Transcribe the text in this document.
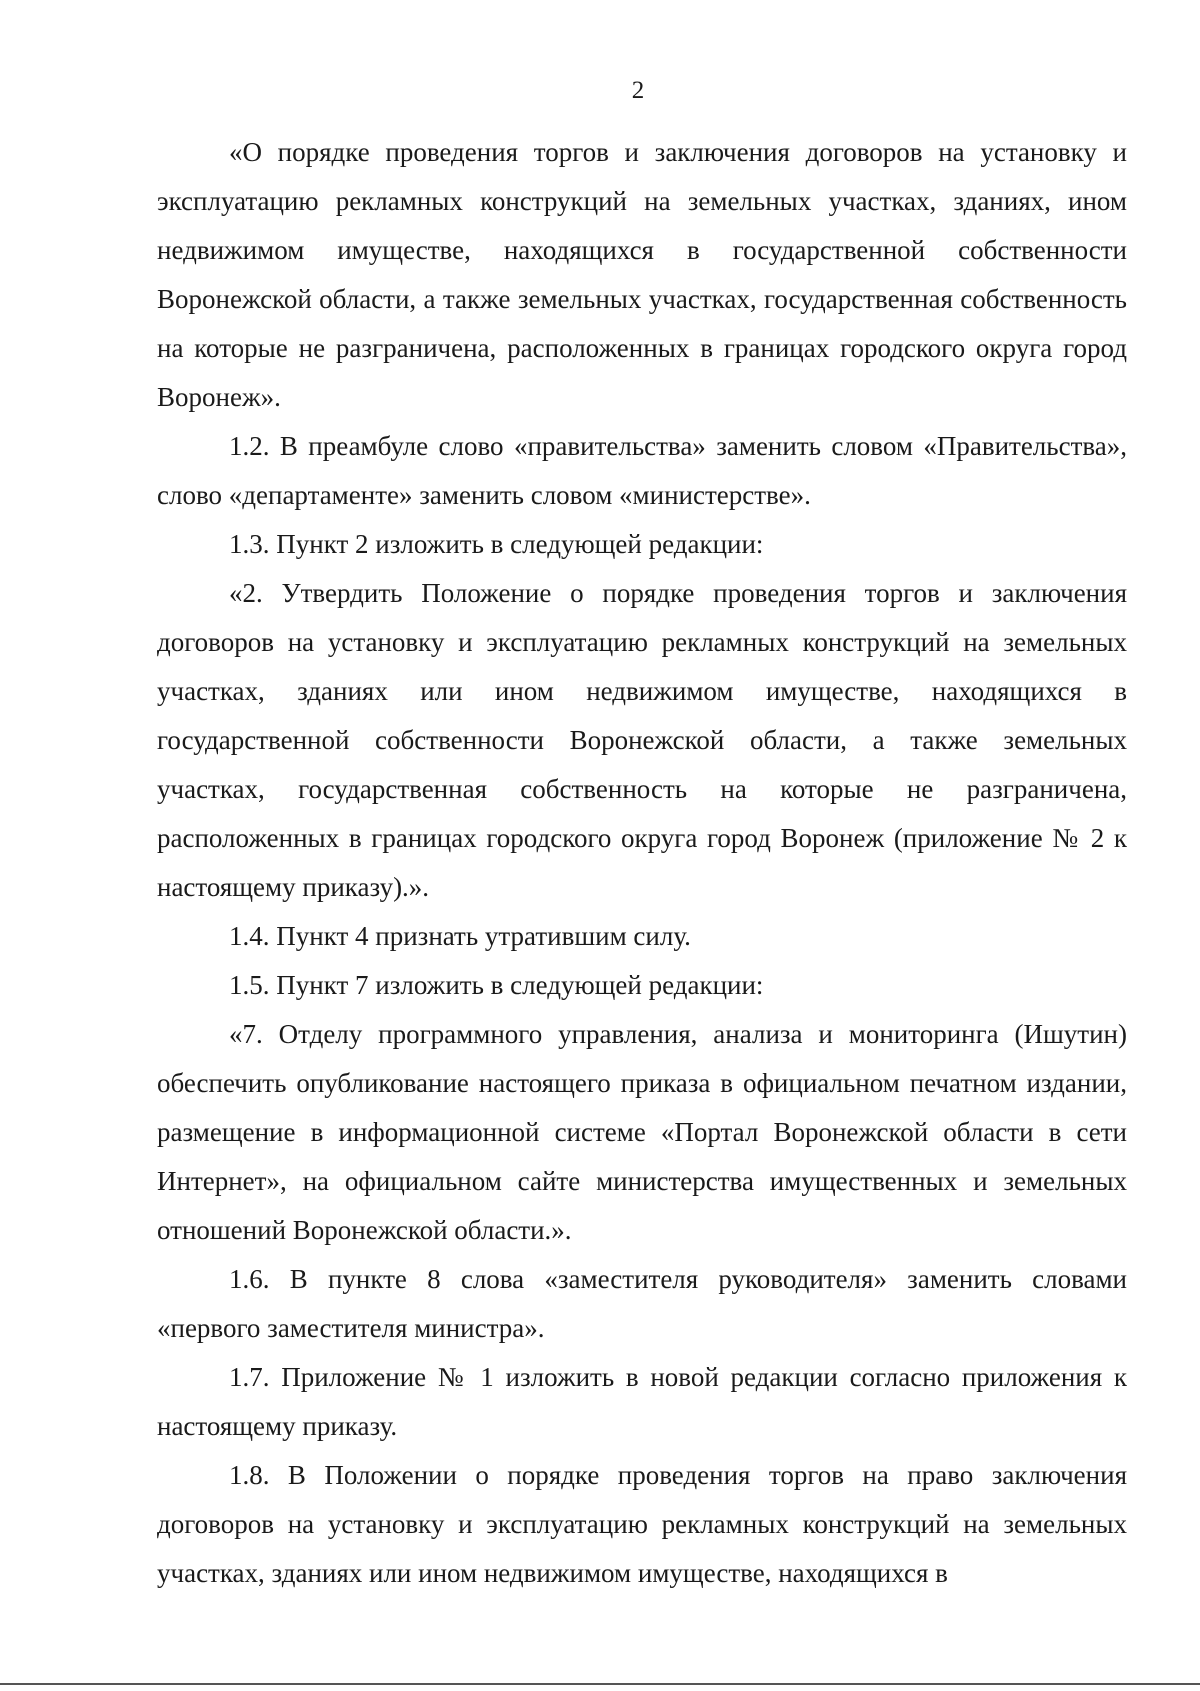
2

«О порядке проведения торгов и заключения договоров на установку и эксплуатацию рекламных конструкций на земельных участках, зданиях, ином недвижимом имуществе, находящихся в государственной собственности Воронежской области, а также земельных участках, государственная собственность на которые не разграничена, расположенных в границах городского округа город Воронеж».

1.2. В преамбуле слово «правительства» заменить словом «Правительства», слово «департаменте» заменить словом «министерстве».

1.3. Пункт 2 изложить в следующей редакции:

«2. Утвердить Положение о порядке проведения торгов и заключения договоров на установку и эксплуатацию рекламных конструкций на земельных участках, зданиях или ином недвижимом имуществе, находящихся в государственной собственности Воронежской области, а также земельных участках, государственная собственность на которые не разграничена, расположенных в границах городского округа город Воронеж (приложение № 2 к настоящему приказу).».

1.4. Пункт 4 признать утратившим силу.

1.5. Пункт 7 изложить в следующей редакции:

«7. Отделу программного управления, анализа и мониторинга (Ишутин) обеспечить опубликование настоящего приказа в официальном печатном издании, размещение в информационной системе «Портал Воронежской области в сети Интернет», на официальном сайте министерства имущественных и земельных отношений Воронежской области.».

1.6. В пункте 8 слова «заместителя руководителя» заменить словами «первого заместителя министра».

1.7. Приложение № 1 изложить в новой редакции согласно приложения к настоящему приказу.

1.8. В Положении о порядке проведения торгов на право заключения договоров на установку и эксплуатацию рекламных конструкций на земельных участках, зданиях или ином недвижимом имуществе, находящихся в
